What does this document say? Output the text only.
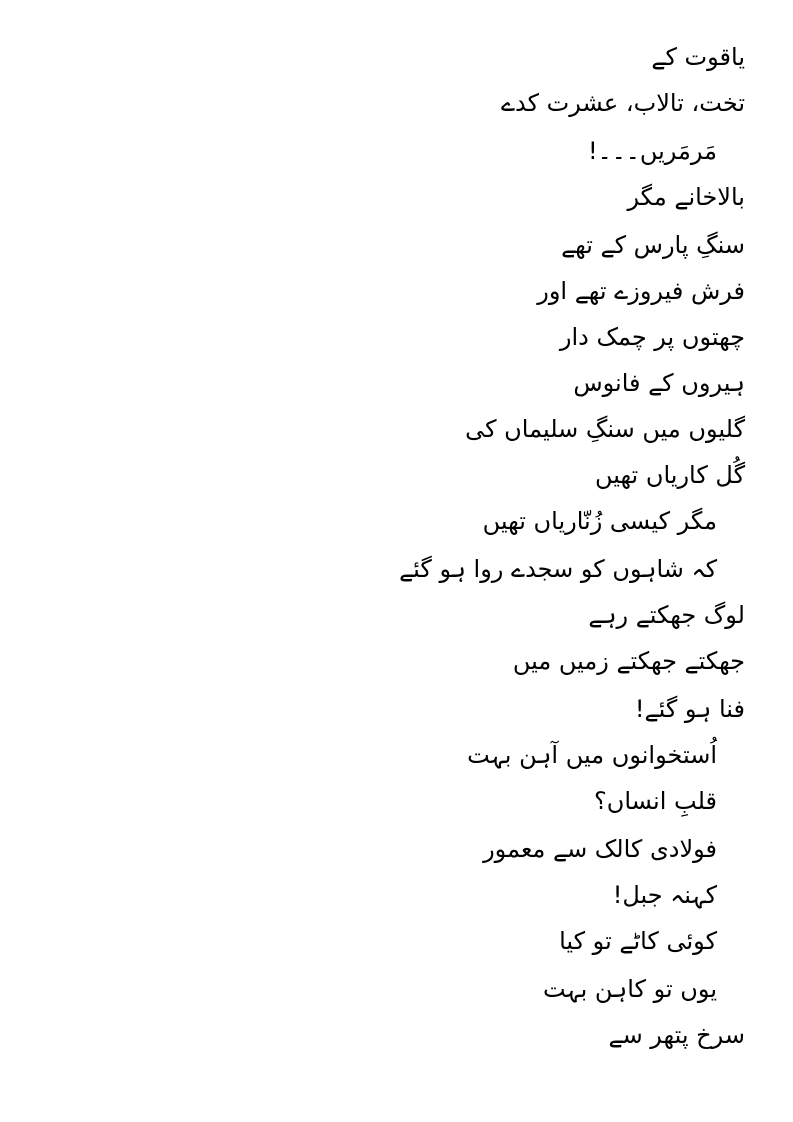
یاقوت کے
تخت، تالاب، عشرت کدے
مَرمَریں۔۔۔!
بالاخانے مگر
سنگِ پارس کے تھے
فرش فیروزے تھے اور
چھتوں پر چمک دار
ہیروں کے فانوس
گلیوں میں سنگِ سلیماں کی
گُل کاریاں تھیں
مگر کیسی زُنّاریاں تھیں
کہ شاہوں کو سجدے روا ہو گئے
لوگ جھکتے رہے
جھکتے جھکتے زمیں میں
فنا ہو گئے!
اُستخوانوں میں آہن بہت
قلبِ انساں؟
فولادی کالک سے معمور
کہنہ جبل!
کوئی کاٹے تو کیا
یوں تو کاہن بہت
سرخ پتھر سے
